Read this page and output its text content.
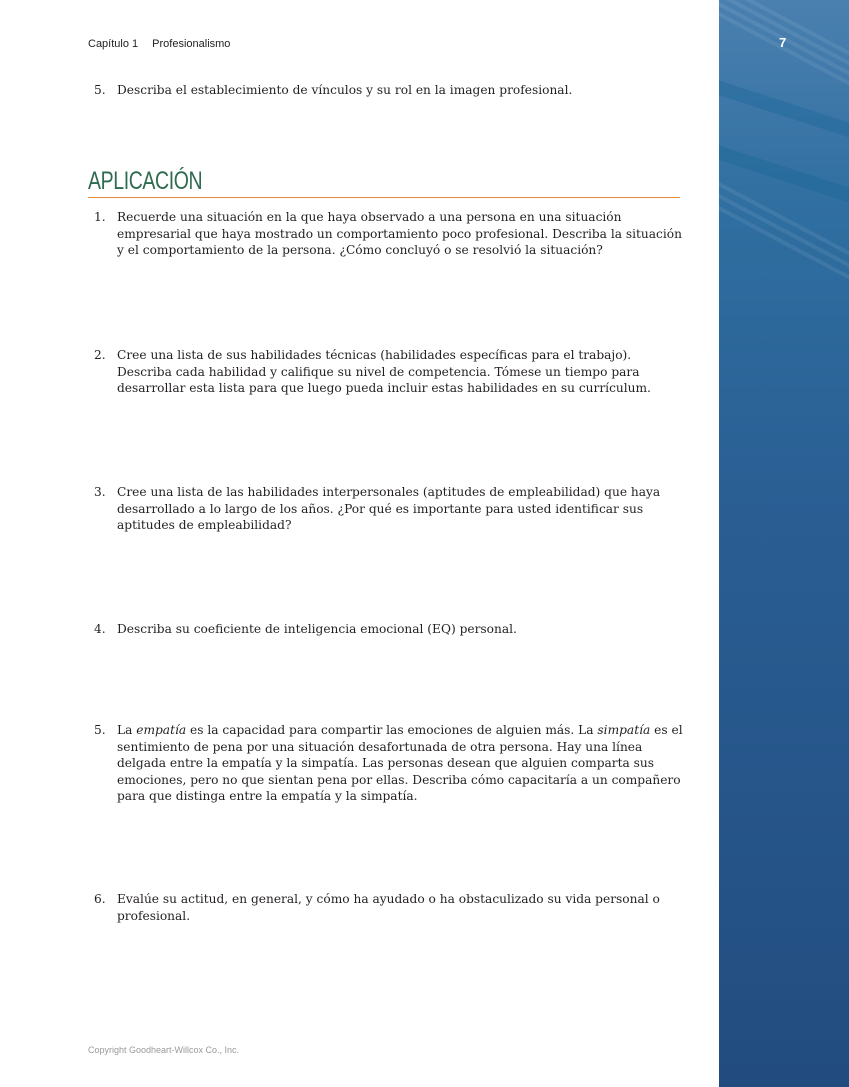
7
Capítulo 1 Profesionalismo
5. Describa el establecimiento de vínculos y su rol en la imagen profesional.
APLICACIÓN
1. Recuerde una situación en la que haya observado a una persona en una situación empresarial que haya mostrado un comportamiento poco profesional. Describa la situación y el comportamiento de la persona. ¿Cómo concluyó o se resolvió la situación?
2. Cree una lista de sus habilidades técnicas (habilidades específicas para el trabajo). Describa cada habilidad y califique su nivel de competencia. Tómese un tiempo para desarrollar esta lista para que luego pueda incluir estas habilidades en su currículum.
3. Cree una lista de las habilidades interpersonales (aptitudes de empleabilidad) que haya desarrollado a lo largo de los años. ¿Por qué es importante para usted identificar sus aptitudes de empleabilidad?
4. Describa su coeficiente de inteligencia emocional (EQ) personal.
5. La empatía es la capacidad para compartir las emociones de alguien más. La simpatía es el sentimiento de pena por una situación desafortunada de otra persona. Hay una línea delgada entre la empatía y la simpatía. Las personas desean que alguien comparta sus emociones, pero no que sientan pena por ellas. Describa cómo capacitaría a un compañero para que distinga entre la empatía y la simpatía.
6. Evalúe su actitud, en general, y cómo ha ayudado o ha obstaculizado su vida personal o profesional.
Copyright Goodheart-Willcox Co., Inc.
